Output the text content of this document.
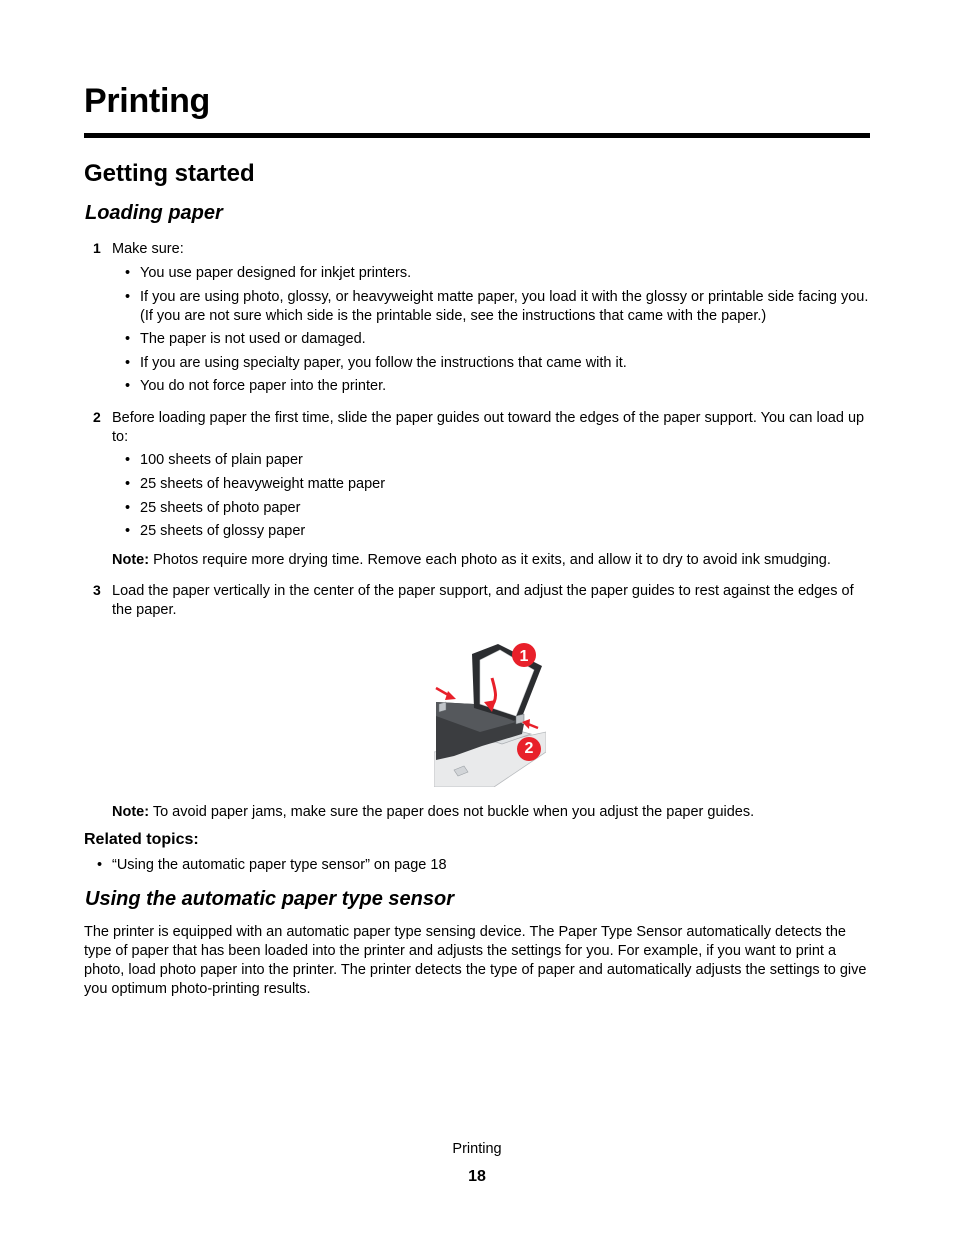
Printing
Getting started
Loading paper
1 Make sure:
• You use paper designed for inkjet printers.
• If you are using photo, glossy, or heavyweight matte paper, you load it with the glossy or printable side facing you. (If you are not sure which side is the printable side, see the instructions that came with the paper.)
• The paper is not used or damaged.
• If you are using specialty paper, you follow the instructions that came with it.
• You do not force paper into the printer.
2 Before loading paper the first time, slide the paper guides out toward the edges of the paper support. You can load up to:
• 100 sheets of plain paper
• 25 sheets of heavyweight matte paper
• 25 sheets of photo paper
• 25 sheets of glossy paper
Note: Photos require more drying time. Remove each photo as it exits, and allow it to dry to avoid ink smudging.
3 Load the paper vertically in the center of the paper support, and adjust the paper guides to rest against the edges of the paper.
1
2
Note: To avoid paper jams, make sure the paper does not buckle when you adjust the paper guides.
Related topics:
• “Using the automatic paper type sensor” on page 18
Using the automatic paper type sensor
The printer is equipped with an automatic paper type sensing device. The Paper Type Sensor automatically detects the type of paper that has been loaded into the printer and adjusts the settings for you. For example, if you want to print a photo, load photo paper into the printer. The printer detects the type of paper and automatically adjusts the settings to give you optimum photo-printing results.
Printing
18
